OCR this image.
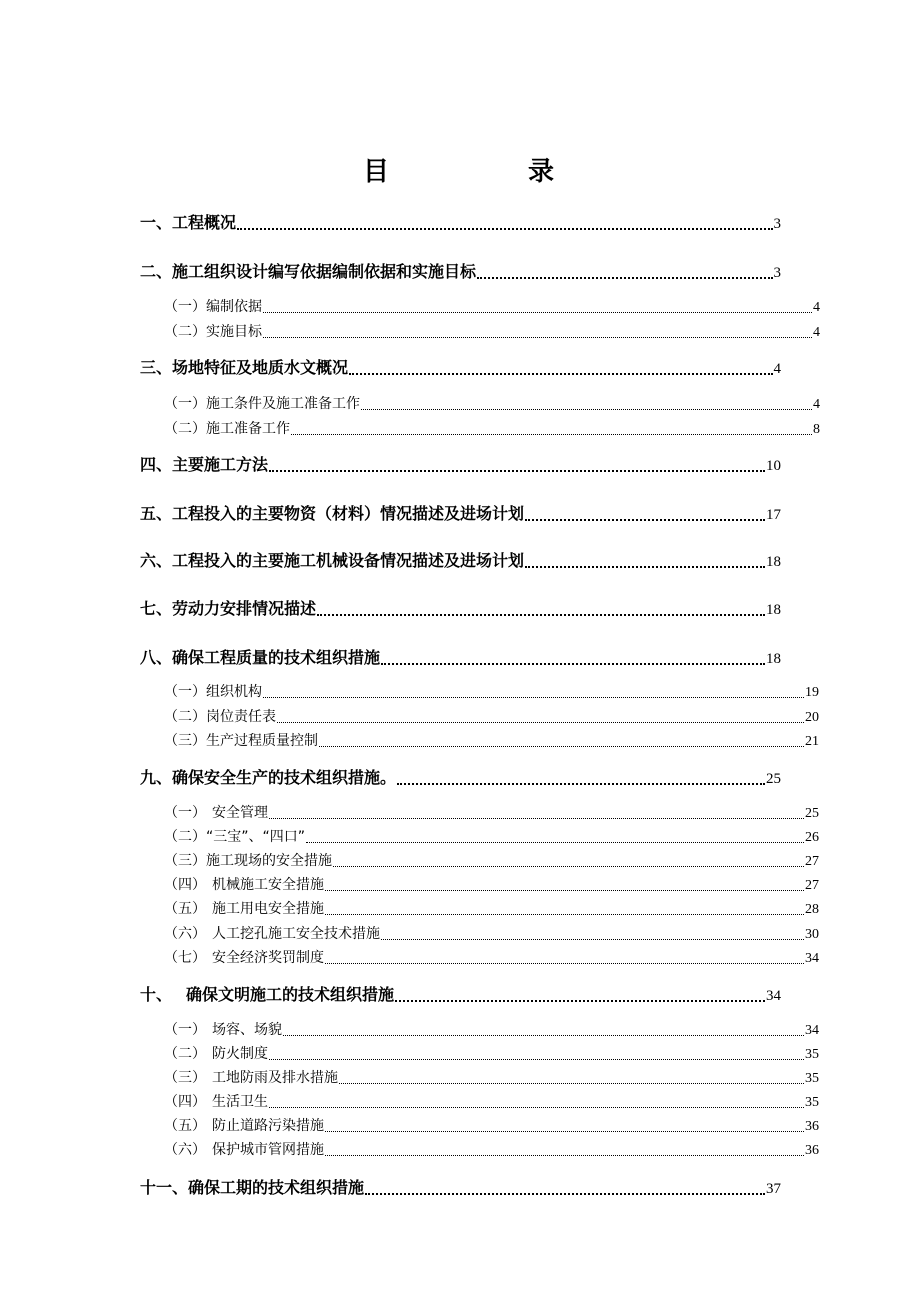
目	录
一、 工程概况	3
二、 施工组织设计编写依据编制依据和实施目标	3
（一） 编制依据	4
（二） 实施目标	4
三、 场地特征及地质水文概况	4
（一） 施工条件及施工准备工作	4
（二） 施工准备工作	8
四、 主要施工方法	10
五、 工程投入的主要物资（材料）情况描述及进场计划	17
六、 工程投入的主要施工机械设备情况描述及进场计划	18
七、 劳动力安排情况描述	18
八、 确保工程质量的技术组织措施	18
（一） 组织机构	19
（二） 岗位责任表	20
（三） 生产过程质量控制	21
九、 确保安全生产的技术组织措施。	25
（一） 安全管理	25
（二） “三宝”、“四口”	26
（三） 施工现场的安全措施	27
（四） 机械施工安全措施	27
（五） 施工用电安全措施	28
（六） 人工挖孔施工安全技术措施	30
（七） 安全经济奖罚制度	34
十、 确保文明施工的技术组织措施	34
（一） 场容、场貌	34
（二） 防火制度	35
（三） 工地防雨及排水措施	35
（四） 生活卫生	35
（五） 防止道路污染措施	36
（六） 保护城市管网措施	36
十一、 确保工期的技术组织措施	37
